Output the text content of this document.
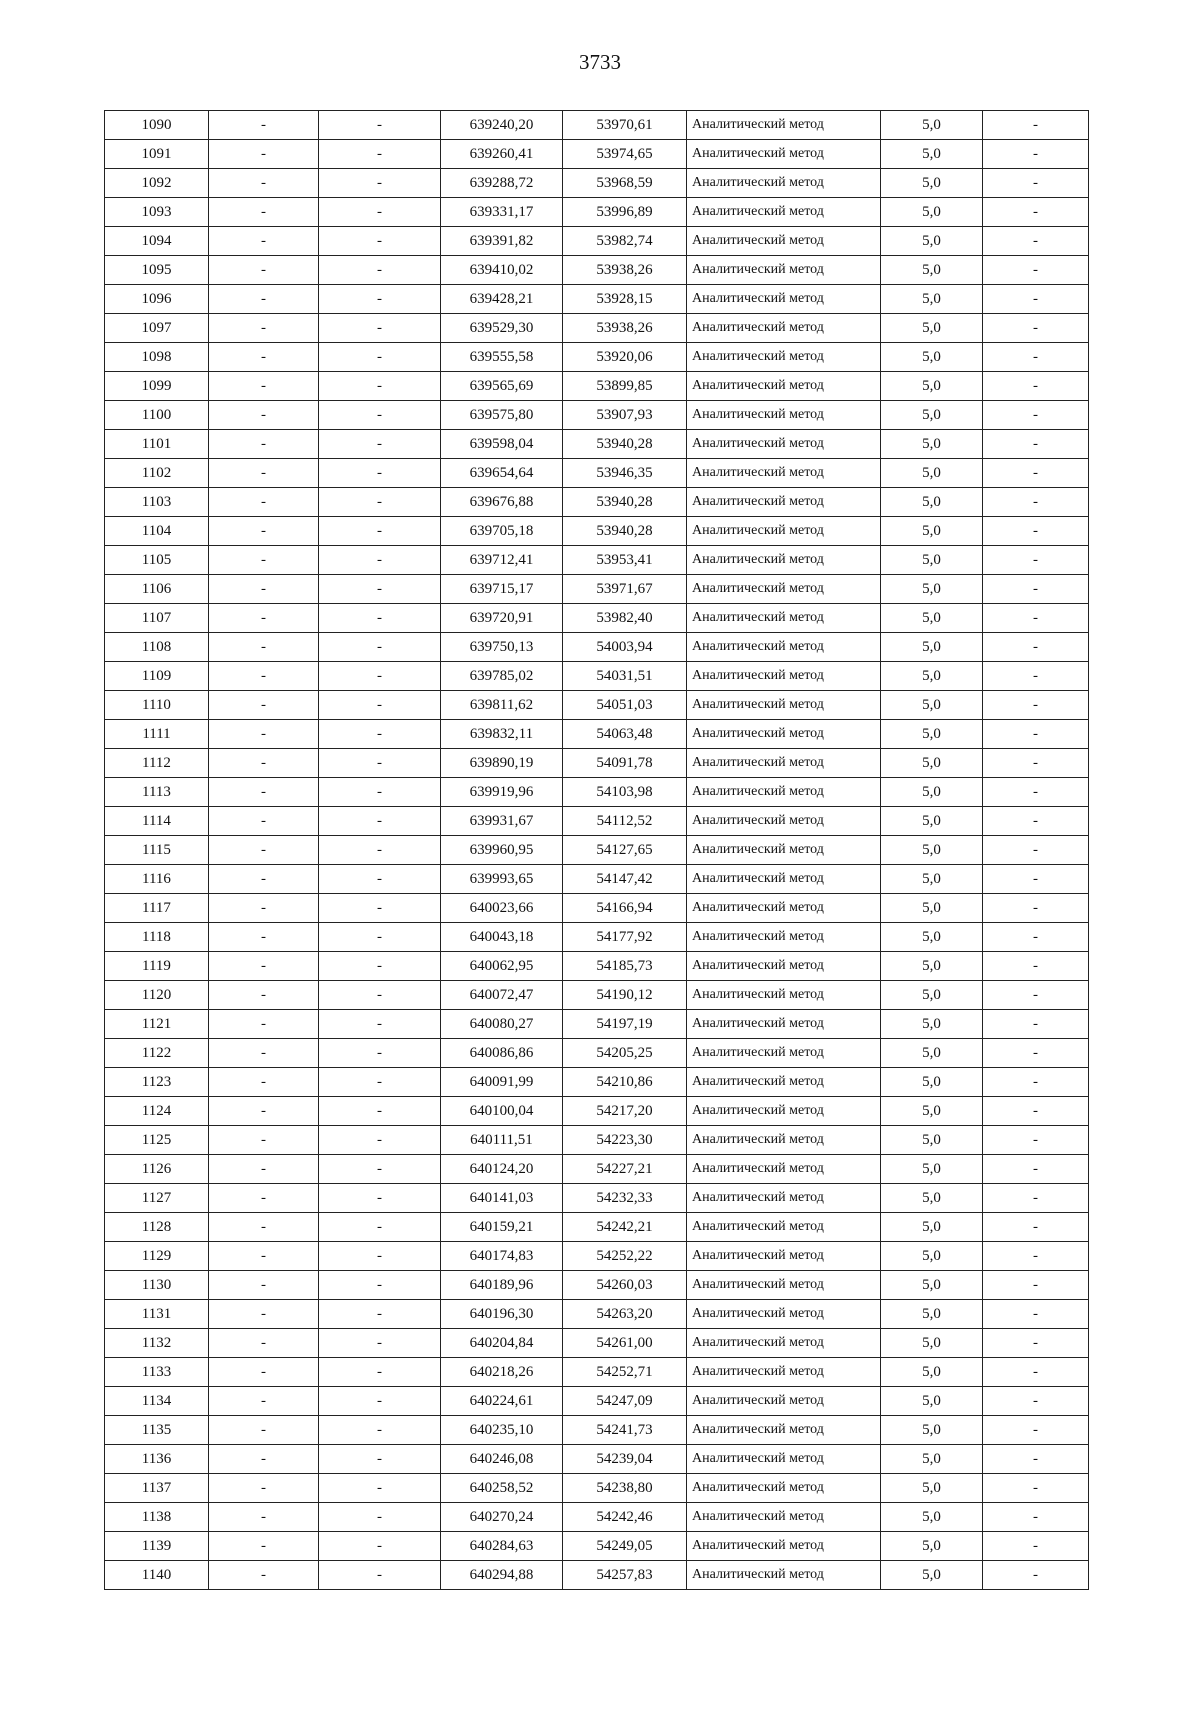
3733
1090	-	-	639240,20	53970,61	Аналитический метод	5,0	-
1091	-	-	639260,41	53974,65	Аналитический метод	5,0	-
1092	-	-	639288,72	53968,59	Аналитический метод	5,0	-
1093	-	-	639331,17	53996,89	Аналитический метод	5,0	-
1094	-	-	639391,82	53982,74	Аналитический метод	5,0	-
1095	-	-	639410,02	53938,26	Аналитический метод	5,0	-
1096	-	-	639428,21	53928,15	Аналитический метод	5,0	-
1097	-	-	639529,30	53938,26	Аналитический метод	5,0	-
1098	-	-	639555,58	53920,06	Аналитический метод	5,0	-
1099	-	-	639565,69	53899,85	Аналитический метод	5,0	-
1100	-	-	639575,80	53907,93	Аналитический метод	5,0	-
1101	-	-	639598,04	53940,28	Аналитический метод	5,0	-
1102	-	-	639654,64	53946,35	Аналитический метод	5,0	-
1103	-	-	639676,88	53940,28	Аналитический метод	5,0	-
1104	-	-	639705,18	53940,28	Аналитический метод	5,0	-
1105	-	-	639712,41	53953,41	Аналитический метод	5,0	-
1106	-	-	639715,17	53971,67	Аналитический метод	5,0	-
1107	-	-	639720,91	53982,40	Аналитический метод	5,0	-
1108	-	-	639750,13	54003,94	Аналитический метод	5,0	-
1109	-	-	639785,02	54031,51	Аналитический метод	5,0	-
1110	-	-	639811,62	54051,03	Аналитический метод	5,0	-
1111	-	-	639832,11	54063,48	Аналитический метод	5,0	-
1112	-	-	639890,19	54091,78	Аналитический метод	5,0	-
1113	-	-	639919,96	54103,98	Аналитический метод	5,0	-
1114	-	-	639931,67	54112,52	Аналитический метод	5,0	-
1115	-	-	639960,95	54127,65	Аналитический метод	5,0	-
1116	-	-	639993,65	54147,42	Аналитический метод	5,0	-
1117	-	-	640023,66	54166,94	Аналитический метод	5,0	-
1118	-	-	640043,18	54177,92	Аналитический метод	5,0	-
1119	-	-	640062,95	54185,73	Аналитический метод	5,0	-
1120	-	-	640072,47	54190,12	Аналитический метод	5,0	-
1121	-	-	640080,27	54197,19	Аналитический метод	5,0	-
1122	-	-	640086,86	54205,25	Аналитический метод	5,0	-
1123	-	-	640091,99	54210,86	Аналитический метод	5,0	-
1124	-	-	640100,04	54217,20	Аналитический метод	5,0	-
1125	-	-	640111,51	54223,30	Аналитический метод	5,0	-
1126	-	-	640124,20	54227,21	Аналитический метод	5,0	-
1127	-	-	640141,03	54232,33	Аналитический метод	5,0	-
1128	-	-	640159,21	54242,21	Аналитический метод	5,0	-
1129	-	-	640174,83	54252,22	Аналитический метод	5,0	-
1130	-	-	640189,96	54260,03	Аналитический метод	5,0	-
1131	-	-	640196,30	54263,20	Аналитический метод	5,0	-
1132	-	-	640204,84	54261,00	Аналитический метод	5,0	-
1133	-	-	640218,26	54252,71	Аналитический метод	5,0	-
1134	-	-	640224,61	54247,09	Аналитический метод	5,0	-
1135	-	-	640235,10	54241,73	Аналитический метод	5,0	-
1136	-	-	640246,08	54239,04	Аналитический метод	5,0	-
1137	-	-	640258,52	54238,80	Аналитический метод	5,0	-
1138	-	-	640270,24	54242,46	Аналитический метод	5,0	-
1139	-	-	640284,63	54249,05	Аналитический метод	5,0	-
1140	-	-	640294,88	54257,83	Аналитический метод	5,0	-
